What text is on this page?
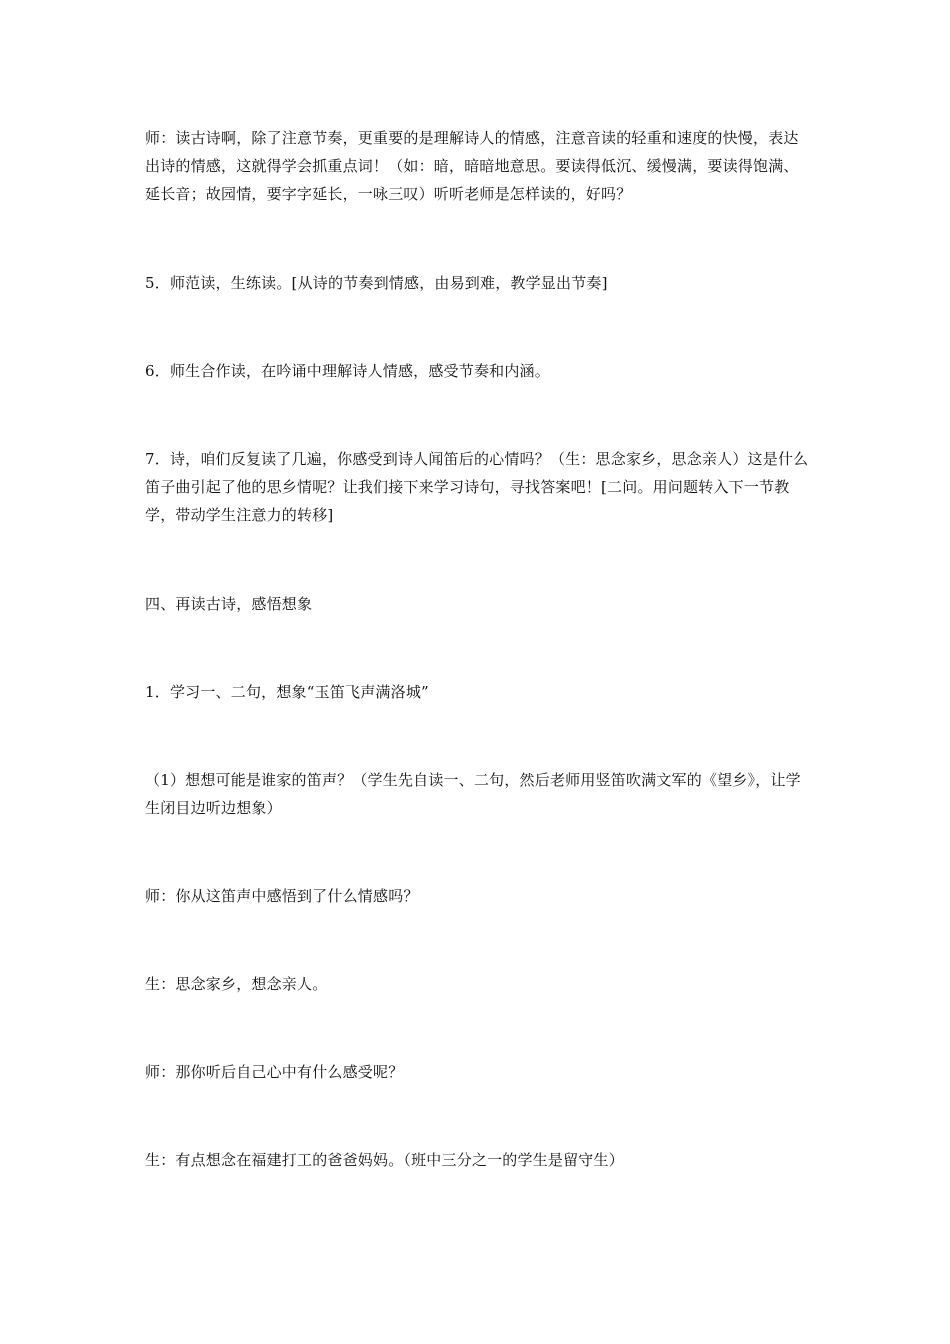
师：读古诗啊，除了注意节奏，更重要的是理解诗人的情感，注意音读的轻重和速度的快慢，表达出诗的情感，这就得学会抓重点词！（如：暗，暗暗地意思。要读得低沉、缓慢满，要读得饱满、延长音；故园情，要字字延长，一咏三叹）听听老师是怎样读的，好吗？

5．师范读，生练读。[从诗的节奏到情感，由易到难，教学显出节奏]

6．师生合作读，在吟诵中理解诗人情感，感受节奏和内涵。

7．诗，咱们反复读了几遍，你感受到诗人闻笛后的心情吗？（生：思念家乡，思念亲人）这是什么笛子曲引起了他的思乡情呢？让我们接下来学习诗句，寻找答案吧！[二问。用问题转入下一节教学，带动学生注意力的转移]

四、再读古诗，感悟想象

1．学习一、二句，想象“玉笛飞声满洛城”

（1）想想可能是谁家的笛声？（学生先自读一、二句，然后老师用竖笛吹满文军的《望乡》，让学生闭目边听边想象）

师：你从这笛声中感悟到了什么情感吗？

生：思念家乡，想念亲人。

师：那你听后自己心中有什么感受呢？

生：有点想念在福建打工的爸爸妈妈。（班中三分之一的学生是留守生）
